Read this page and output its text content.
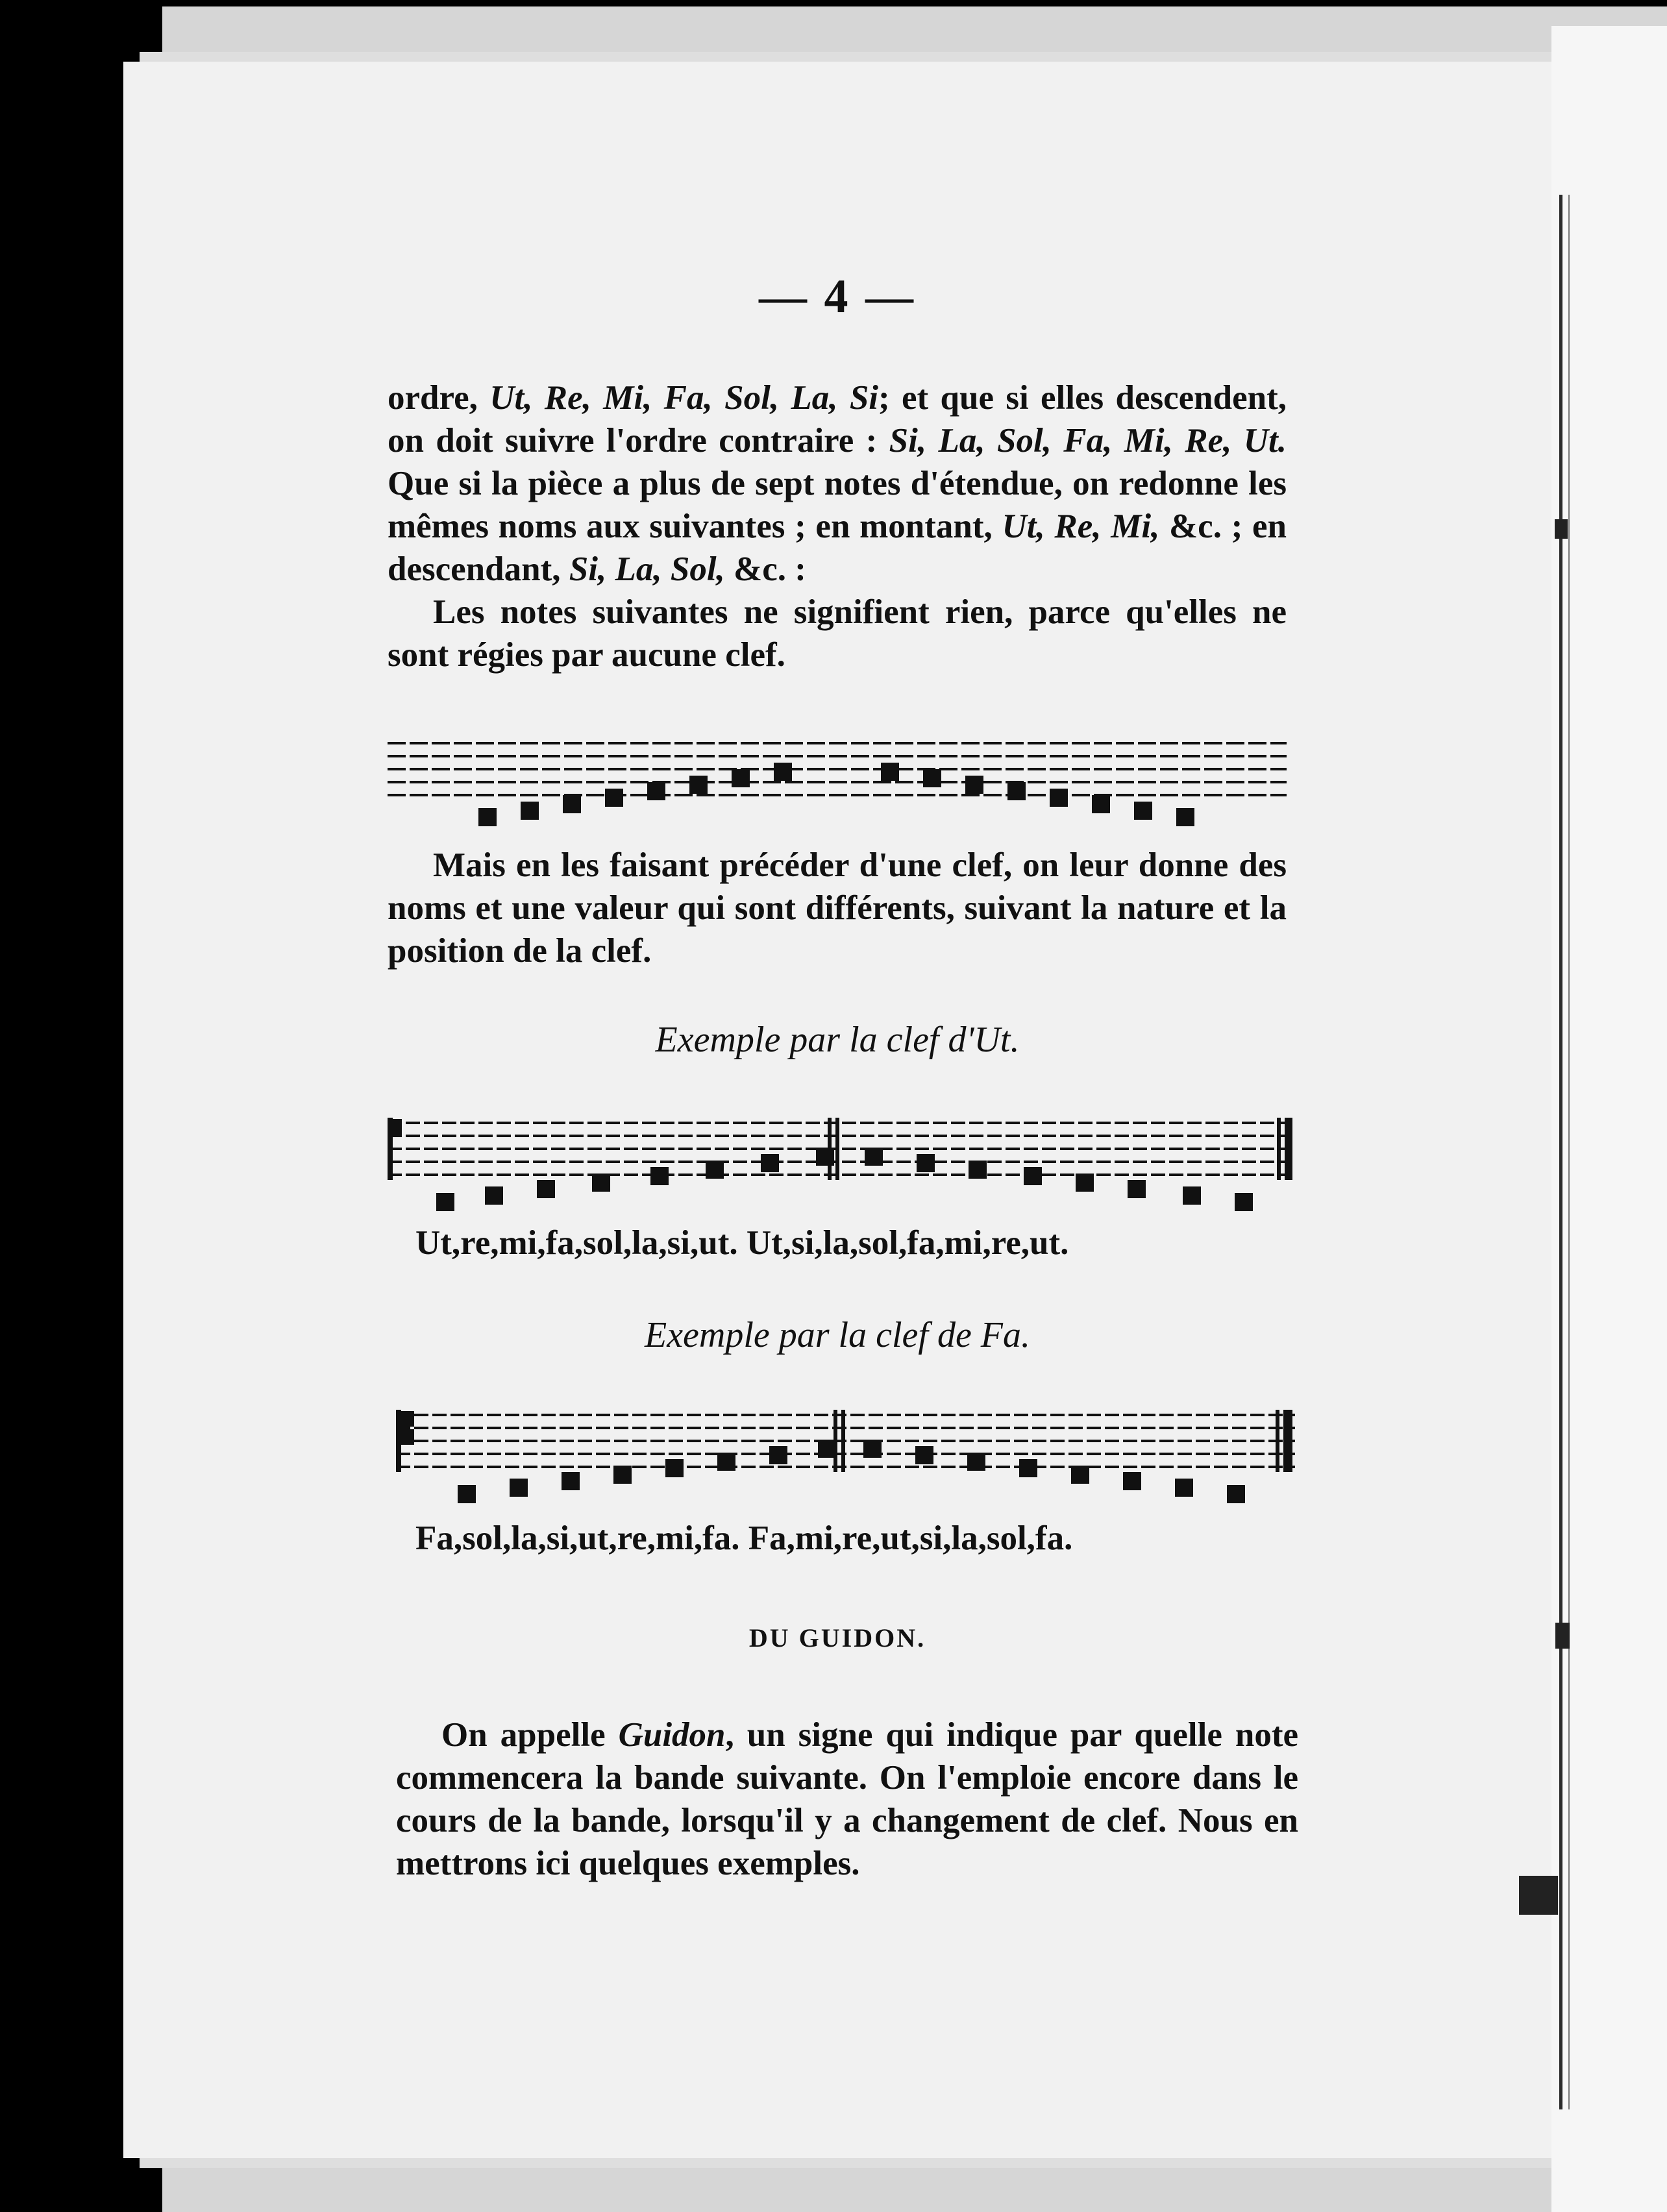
— 4 —
ordre, Ut, Re, Mi, Fa, Sol, La, Si; et que si elles descendent, on doit suivre l'ordre contraire : Si, La, Sol, Fa, Mi, Re, Ut. Que si la pièce a plus de sept notes d'étendue, on redonne les mêmes noms aux suivantes ; en montant, Ut, Re, Mi, &c. ; en descendant, Si, La, Sol, &c. :
Les notes suivantes ne signifient rien, parce qu'elles ne sont régies par aucune clef.
Mais en les faisant précéder d'une clef, on leur donne des noms et une valeur qui sont différents, suivant la nature et la position de la clef.
Exemple par la clef d'Ut.
Ut,re,mi,fa,sol,la,si,ut. Ut,si,la,sol,fa,mi,re,ut.
Exemple par la clef de Fa.
Fa,sol,la,si,ut,re,mi,fa. Fa,mi,re,ut,si,la,sol,fa.
DU GUIDON.
On appelle Guidon, un signe qui indique par quelle note commencera la bande suivante. On l'emploie encore dans le cours de la bande, lorsqu'il y a changement de clef. Nous en mettrons ici quelques exemples.
